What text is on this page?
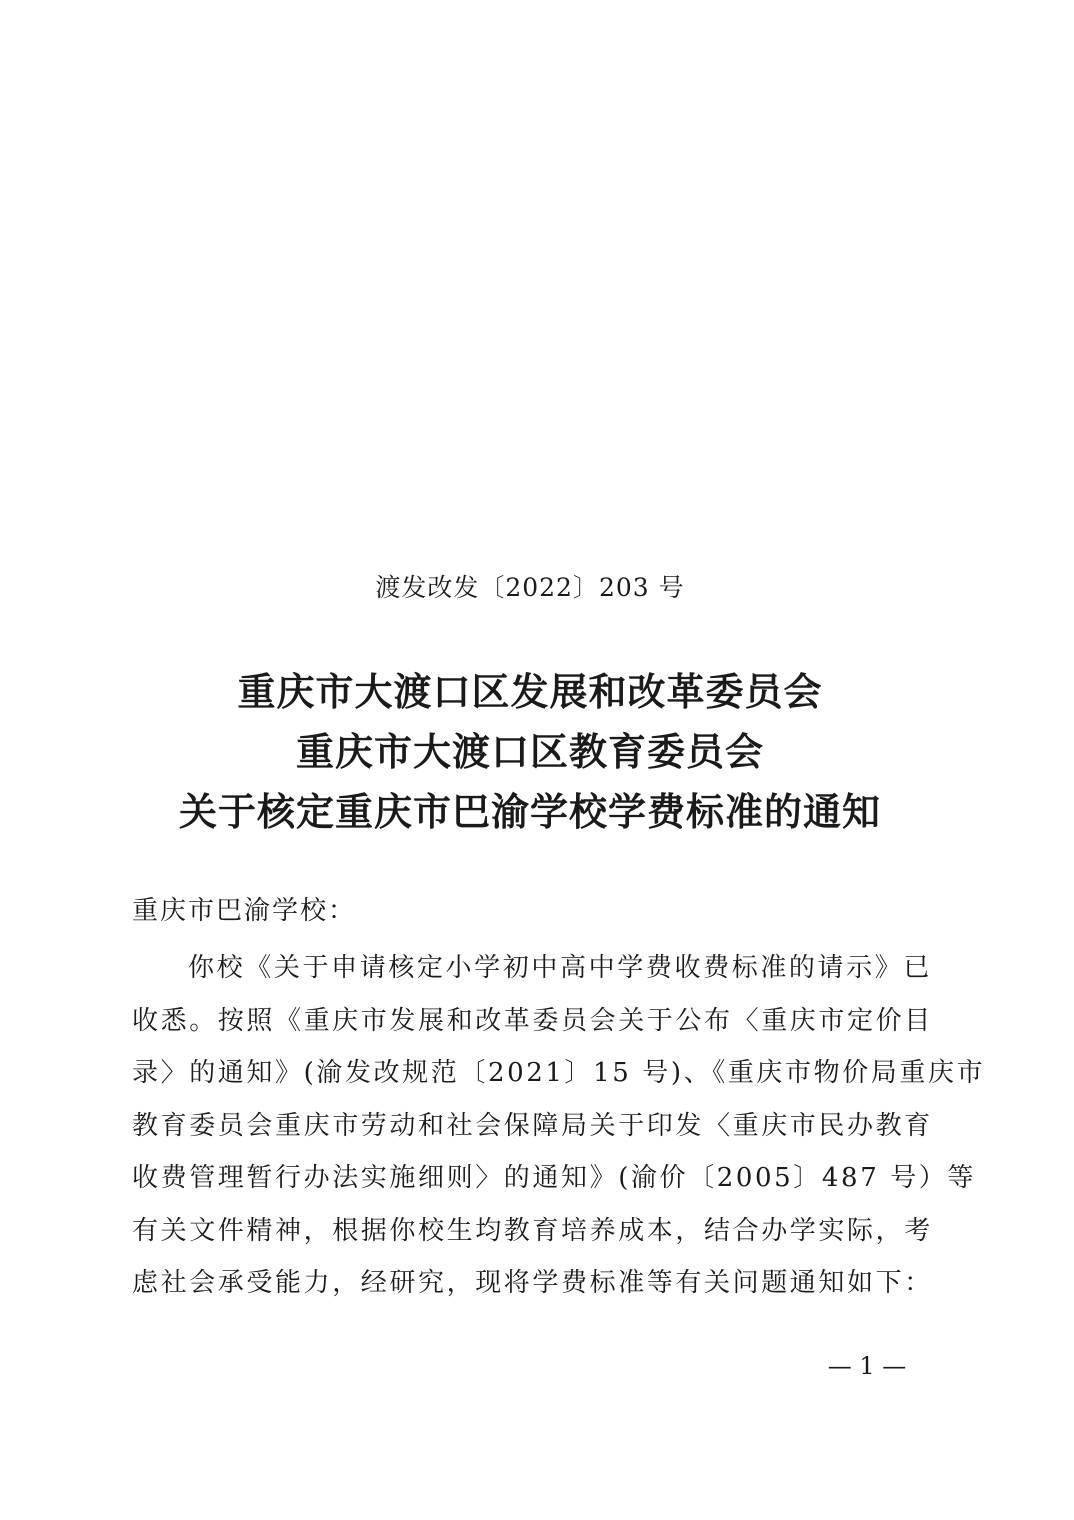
渡发改发〔2022〕203 号
重庆市大渡口区发展和改革委员会
重庆市大渡口区教育委员会
关于核定重庆市巴渝学校学费标准的通知
重庆市巴渝学校：
你校《关于申请核定小学初中高中学费收费标准的请示》已
收悉。按照《重庆市发展和改革委员会关于公布〈重庆市定价目
录〉的通知》(渝发改规范〔2021〕15 号)、《重庆市物价局重庆市
教育委员会重庆市劳动和社会保障局关于印发〈重庆市民办教育
收费管理暂行办法实施细则〉的通知》(渝价〔2005〕487 号）等
有关文件精神，根据你校生均教育培养成本，结合办学实际，考
虑社会承受能力，经研究，现将学费标准等有关问题通知如下：
— 1 —
